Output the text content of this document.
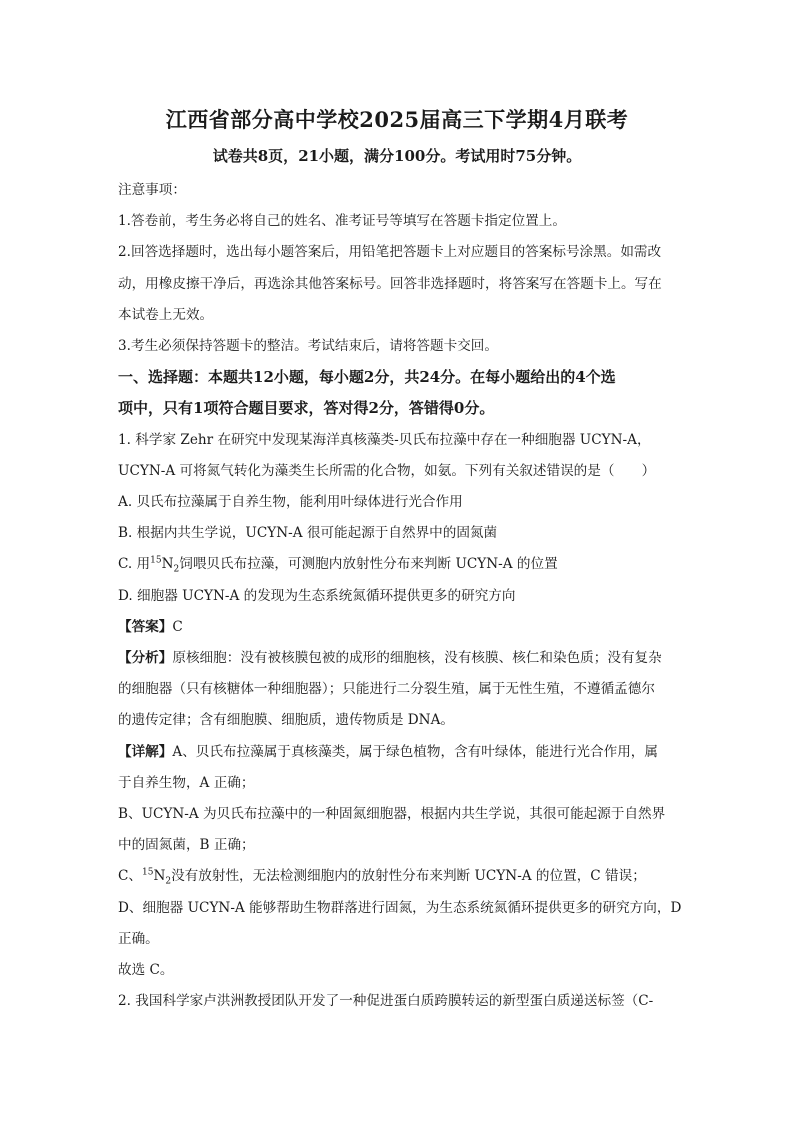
江西省部分高中学校2025届高三下学期4月联考
试卷共8页，21小题，满分100分。考试用时75分钟。

注意事项：

1.答卷前，考生务必将自己的姓名、准考证号等填写在答题卡指定位置上。

2.回答选择题时，选出每小题答案后，用铅笔把答题卡上对应题目的答案标号涂黑。如需改

动，用橡皮擦干净后，再选涂其他答案标号。回答非选择题时，将答案写在答题卡上。写在

本试卷上无效。

3.考生必须保持答题卡的整洁。考试结束后，请将答题卡交回。

一、选择题：本题共12小题，每小题2分，共24分。在每小题给出的4个选

项中，只有1项符合题目要求，答对得2分，答错得0分。

1. 科学家 Zehr 在研究中发现某海洋真核藻类-贝氏布拉藻中存在一种细胞器 UCYN-A，

UCYN-A 可将氮气转化为藻类生长所需的化合物，如氨。下列有关叙述错误的是（　　）

A. 贝氏布拉藻属于自养生物，能利用叶绿体进行光合作用

B. 根据内共生学说，UCYN-A 很可能起源于自然界中的固氮菌

C. 用$^{15}N_2$饲喂贝氏布拉藻，可测胞内放射性分布来判断 UCYN-A 的位置

D. 细胞器 UCYN-A 的发现为生态系统氮循环提供更多的研究方向

【答案】C

【分析】原核细胞：没有被核膜包被的成形的细胞核，没有核膜、核仁和染色质；没有复杂

的细胞器（只有核糖体一种细胞器）；只能进行二分裂生殖，属于无性生殖，不遵循孟德尔

的遗传定律；含有细胞膜、细胞质，遗传物质是 DNA。

【详解】A、贝氏布拉藻属于真核藻类，属于绿色植物，含有叶绿体，能进行光合作用，属

于自养生物，A 正确；

B、UCYN-A 为贝氏布拉藻中的一种固氮细胞器，根据内共生学说，其很可能起源于自然界

中的固氮菌，B 正确；

C、$^{15}N_2$没有放射性，无法检测细胞内的放射性分布来判断 UCYN-A 的位置，C 错误；

D、细胞器 UCYN-A 能够帮助生物群落进行固氮，为生态系统氮循环提供更多的研究方向，D

正确。

故选 C。

2. 我国科学家卢洪洲教授团队开发了一种促进蛋白质跨膜转运的新型蛋白质递送标签（C-
